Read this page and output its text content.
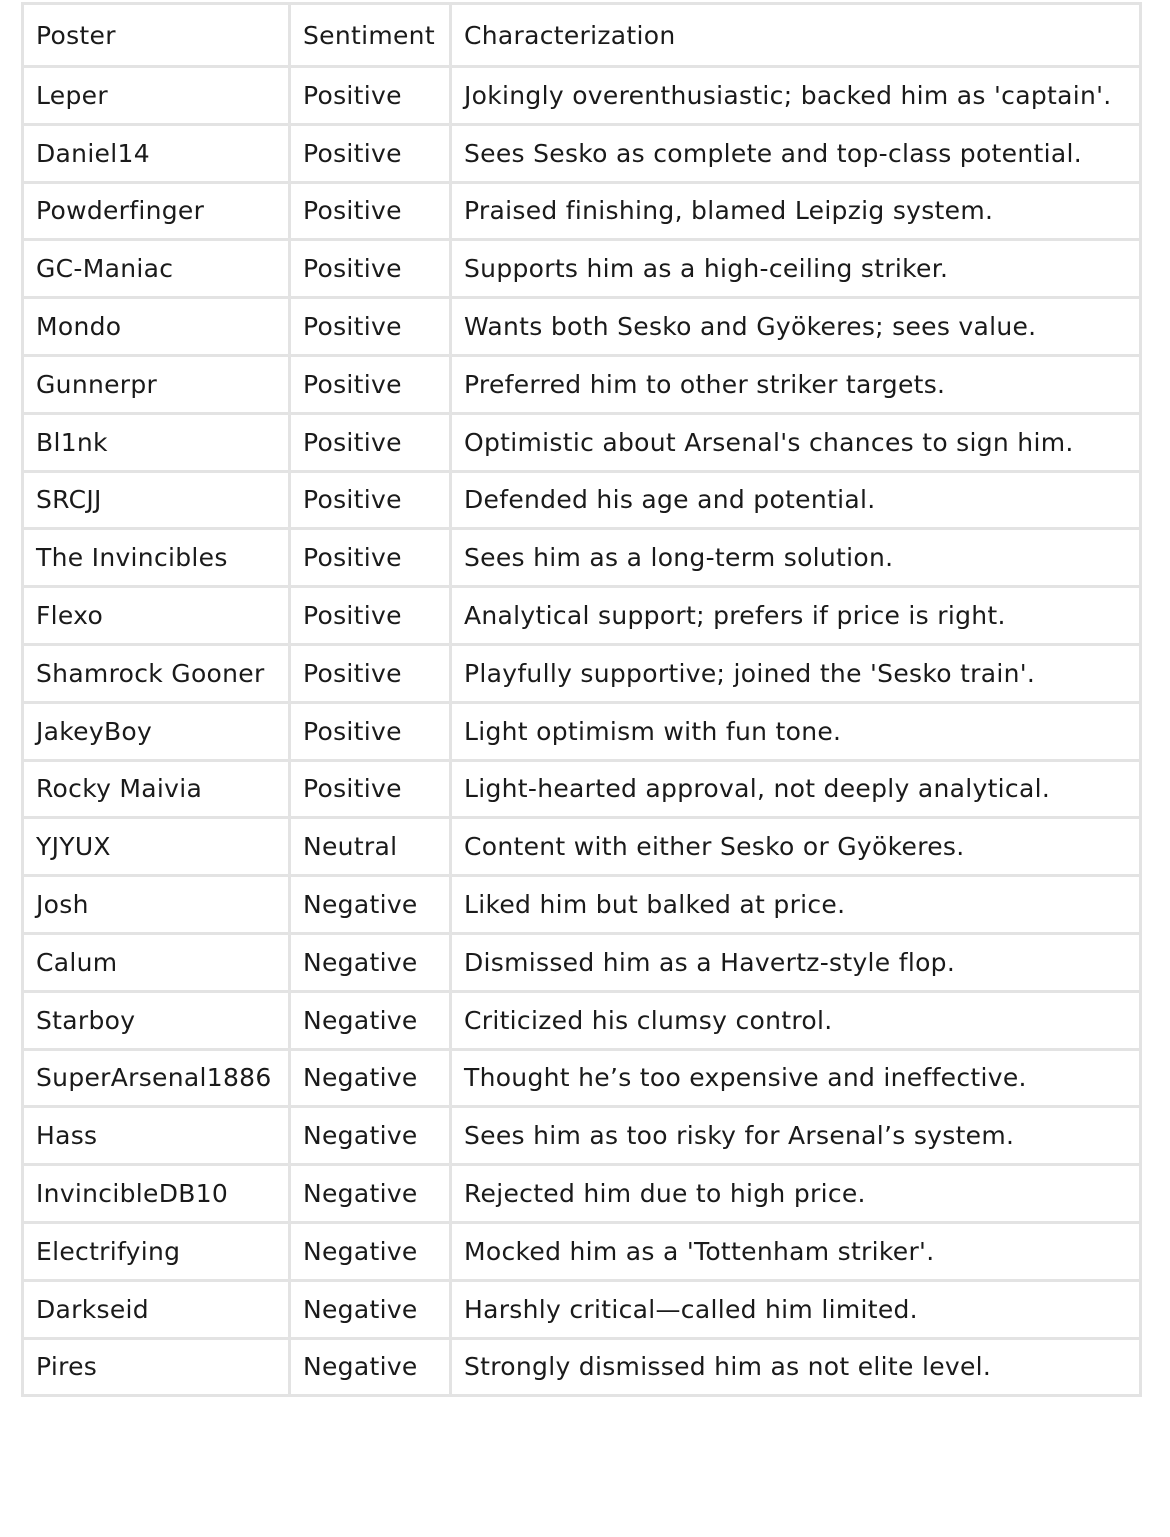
Poster	Sentiment	Characterization
Leper	Positive	Jokingly overenthusiastic; backed him as 'captain'.
Daniel14	Positive	Sees Sesko as complete and top-class potential.
Powderfinger	Positive	Praised finishing, blamed Leipzig system.
GC-Maniac	Positive	Supports him as a high-ceiling striker.
Mondo	Positive	Wants both Sesko and Gyökeres; sees value.
Gunnerpr	Positive	Preferred him to other striker targets.
Bl1nk	Positive	Optimistic about Arsenal's chances to sign him.
SRCJJ	Positive	Defended his age and potential.
The Invincibles	Positive	Sees him as a long-term solution.
Flexo	Positive	Analytical support; prefers if price is right.
Shamrock Gooner	Positive	Playfully supportive; joined the 'Sesko train'.
JakeyBoy	Positive	Light optimism with fun tone.
Rocky Maivia	Positive	Light-hearted approval, not deeply analytical.
YJYUX	Neutral	Content with either Sesko or Gyökeres.
Josh	Negative	Liked him but balked at price.
Calum	Negative	Dismissed him as a Havertz-style flop.
Starboy	Negative	Criticized his clumsy control.
SuperArsenal1886	Negative	Thought he’s too expensive and ineffective.
Hass	Negative	Sees him as too risky for Arsenal’s system.
InvincibleDB10	Negative	Rejected him due to high price.
Electrifying	Negative	Mocked him as a 'Tottenham striker'.
Darkseid	Negative	Harshly critical—called him limited.
Pires	Negative	Strongly dismissed him as not elite level.
